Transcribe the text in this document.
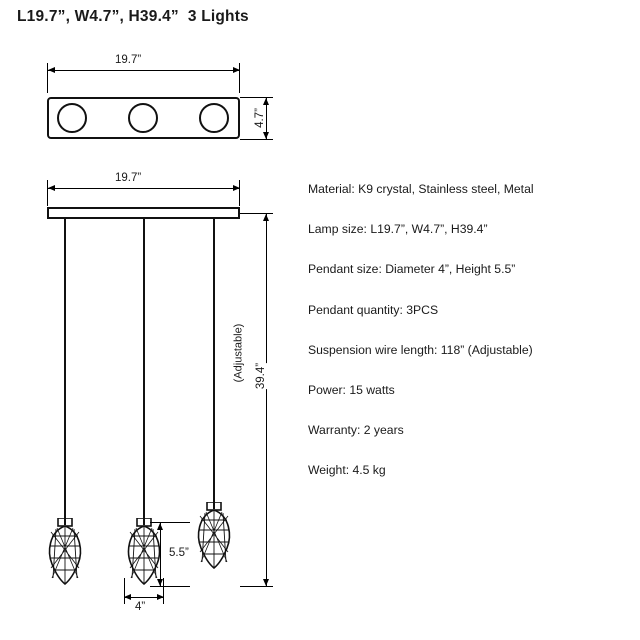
L19.7”, W4.7”, H39.4”  3 Lights
19.7”
4.7”
19.7”
39.4”
(Adjustable)
5.5”
4”
Material: K9 crystal, Stainless steel, Metal
Lamp size: L19.7”, W4.7”, H39.4”
Pendant size: Diameter 4”, Height 5.5”
Pendant quantity: 3PCS
Suspension wire length: 118” (Adjustable)
Power: 15 watts
Warranty: 2 years
Weight: 4.5 kg
